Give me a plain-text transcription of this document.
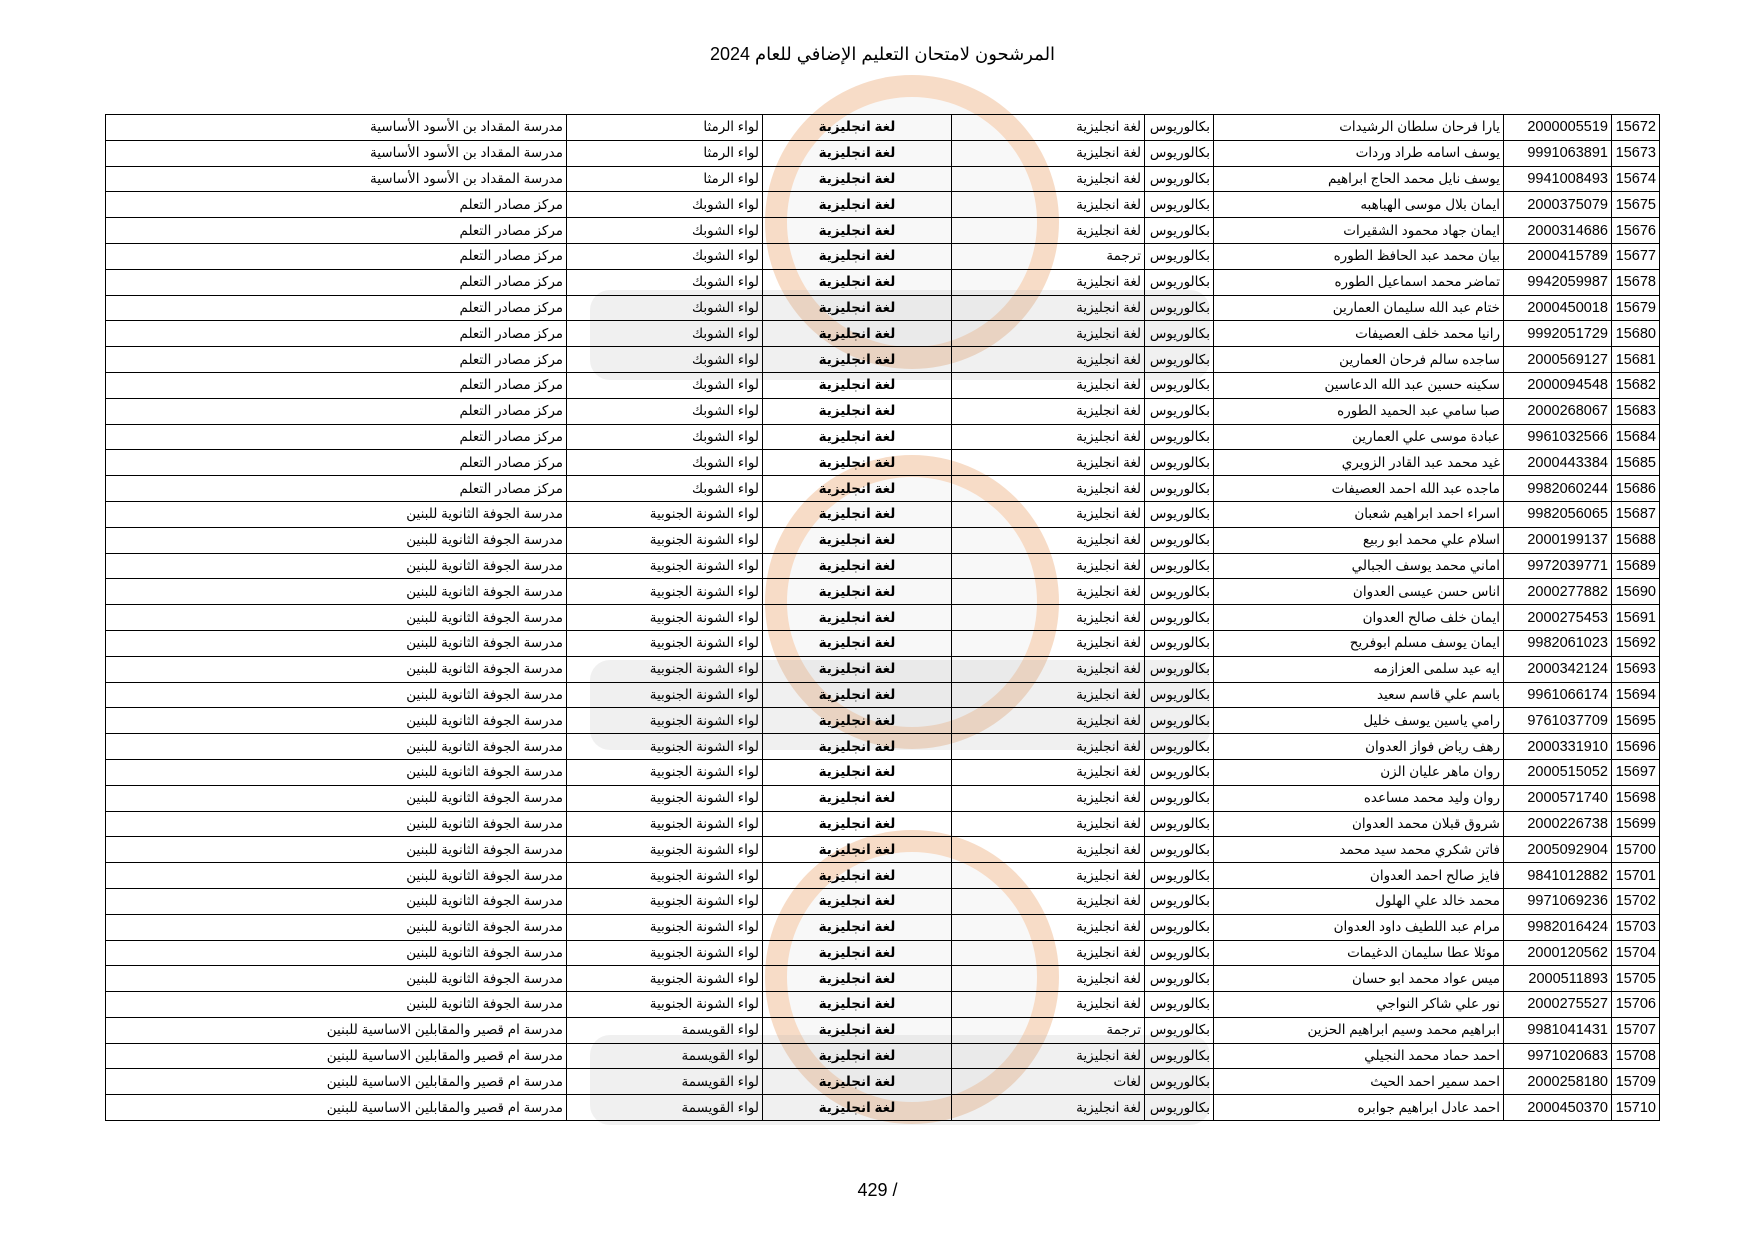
المرشحون لامتحان التعليم الإضافي للعام 2024
15672	2000005519	يارا فرحان سلطان الرشيدات	بكالوريوس	لغة انجليزية	لغة انجليزية	لواء الرمثا	مدرسة المقداد بن الأسود الأساسية
15673	9991063891	يوسف اسامه طراد وردات	بكالوريوس	لغة انجليزية	لغة انجليزية	لواء الرمثا	مدرسة المقداد بن الأسود الأساسية
15674	9941008493	يوسف نايل محمد الحاج ابراهيم	بكالوريوس	لغة انجليزية	لغة انجليزية	لواء الرمثا	مدرسة المقداد بن الأسود الأساسية
15675	2000375079	ايمان بلال موسى الهباهبه	بكالوريوس	لغة انجليزية	لغة انجليزية	لواء الشوبك	مركز مصادر التعلم
15676	2000314686	ايمان جهاد محمود الشقيرات	بكالوريوس	لغة انجليزية	لغة انجليزية	لواء الشوبك	مركز مصادر التعلم
15677	2000415789	بيان محمد عبد الحافظ الطوره	بكالوريوس	ترجمة	لغة انجليزية	لواء الشوبك	مركز مصادر التعلم
15678	9942059987	تماضر محمد اسماعيل الطوره	بكالوريوس	لغة انجليزية	لغة انجليزية	لواء الشوبك	مركز مصادر التعلم
15679	2000450018	ختام عبد الله سليمان العمارين	بكالوريوس	لغة انجليزية	لغة انجليزية	لواء الشوبك	مركز مصادر التعلم
15680	9992051729	رانيا محمد خلف العصيفات	بكالوريوس	لغة انجليزية	لغة انجليزية	لواء الشوبك	مركز مصادر التعلم
15681	2000569127	ساجده سالم فرحان العمارين	بكالوريوس	لغة انجليزية	لغة انجليزية	لواء الشوبك	مركز مصادر التعلم
15682	2000094548	سكينه حسين عبد الله الدعاسين	بكالوريوس	لغة انجليزية	لغة انجليزية	لواء الشوبك	مركز مصادر التعلم
15683	2000268067	صبا سامي عبد الحميد الطوره	بكالوريوس	لغة انجليزية	لغة انجليزية	لواء الشوبك	مركز مصادر التعلم
15684	9961032566	عبادة موسى علي العمارين	بكالوريوس	لغة انجليزية	لغة انجليزية	لواء الشوبك	مركز مصادر التعلم
15685	2000443384	غيد محمد عبد القادر الزويري	بكالوريوس	لغة انجليزية	لغة انجليزية	لواء الشوبك	مركز مصادر التعلم
15686	9982060244	ماجده عبد الله احمد العصيفات	بكالوريوس	لغة انجليزية	لغة انجليزية	لواء الشوبك	مركز مصادر التعلم
15687	9982056065	اسراء احمد ابراهيم شعبان	بكالوريوس	لغة انجليزية	لغة انجليزية	لواء الشونة الجنوبية	مدرسة الجوفة الثانوية للبنين
15688	2000199137	اسلام علي محمد ابو ربيع	بكالوريوس	لغة انجليزية	لغة انجليزية	لواء الشونة الجنوبية	مدرسة الجوفة الثانوية للبنين
15689	9972039771	اماني محمد يوسف الجبالي	بكالوريوس	لغة انجليزية	لغة انجليزية	لواء الشونة الجنوبية	مدرسة الجوفة الثانوية للبنين
15690	2000277882	اناس حسن عيسى العدوان	بكالوريوس	لغة انجليزية	لغة انجليزية	لواء الشونة الجنوبية	مدرسة الجوفة الثانوية للبنين
15691	2000275453	ايمان خلف صالح العدوان	بكالوريوس	لغة انجليزية	لغة انجليزية	لواء الشونة الجنوبية	مدرسة الجوفة الثانوية للبنين
15692	9982061023	ايمان يوسف مسلم ابوفريح	بكالوريوس	لغة انجليزية	لغة انجليزية	لواء الشونة الجنوبية	مدرسة الجوفة الثانوية للبنين
15693	2000342124	ايه عيد سلمى العزازمه	بكالوريوس	لغة انجليزية	لغة انجليزية	لواء الشونة الجنوبية	مدرسة الجوفة الثانوية للبنين
15694	9961066174	باسم علي قاسم سعيد	بكالوريوس	لغة انجليزية	لغة انجليزية	لواء الشونة الجنوبية	مدرسة الجوفة الثانوية للبنين
15695	9761037709	رامي ياسين يوسف خليل	بكالوريوس	لغة انجليزية	لغة انجليزية	لواء الشونة الجنوبية	مدرسة الجوفة الثانوية للبنين
15696	2000331910	رهف رياض فواز العدوان	بكالوريوس	لغة انجليزية	لغة انجليزية	لواء الشونة الجنوبية	مدرسة الجوفة الثانوية للبنين
15697	2000515052	روان ماهر عليان الزن	بكالوريوس	لغة انجليزية	لغة انجليزية	لواء الشونة الجنوبية	مدرسة الجوفة الثانوية للبنين
15698	2000571740	روان وليد محمد مساعده	بكالوريوس	لغة انجليزية	لغة انجليزية	لواء الشونة الجنوبية	مدرسة الجوفة الثانوية للبنين
15699	2000226738	شروق قبلان محمد العدوان	بكالوريوس	لغة انجليزية	لغة انجليزية	لواء الشونة الجنوبية	مدرسة الجوفة الثانوية للبنين
15700	2005092904	فاتن شكري محمد سيد محمد	بكالوريوس	لغة انجليزية	لغة انجليزية	لواء الشونة الجنوبية	مدرسة الجوفة الثانوية للبنين
15701	9841012882	فايز صالح احمد العدوان	بكالوريوس	لغة انجليزية	لغة انجليزية	لواء الشونة الجنوبية	مدرسة الجوفة الثانوية للبنين
15702	9971069236	محمد خالد علي الهلول	بكالوريوس	لغة انجليزية	لغة انجليزية	لواء الشونة الجنوبية	مدرسة الجوفة الثانوية للبنين
15703	9982016424	مرام عبد اللطيف داود العدوان	بكالوريوس	لغة انجليزية	لغة انجليزية	لواء الشونة الجنوبية	مدرسة الجوفة الثانوية للبنين
15704	2000120562	موئلا عطا سليمان الدغيمات	بكالوريوس	لغة انجليزية	لغة انجليزية	لواء الشونة الجنوبية	مدرسة الجوفة الثانوية للبنين
15705	2000511893	ميس عواد محمد ابو حسان	بكالوريوس	لغة انجليزية	لغة انجليزية	لواء الشونة الجنوبية	مدرسة الجوفة الثانوية للبنين
15706	2000275527	نور علي شاكر النواجي	بكالوريوس	لغة انجليزية	لغة انجليزية	لواء الشونة الجنوبية	مدرسة الجوفة الثانوية للبنين
15707	9981041431	ابراهيم محمد وسيم ابراهيم الحزين	بكالوريوس	ترجمة	لغة انجليزية	لواء القويسمة	مدرسة ام قصير والمقابلين الاساسية للبنين
15708	9971020683	احمد حماد محمد النجيلي	بكالوريوس	لغة انجليزية	لغة انجليزية	لواء القويسمة	مدرسة ام قصير والمقابلين الاساسية للبنين
15709	2000258180	احمد سمير احمد الحيث	بكالوريوس	لغات	لغة انجليزية	لواء القويسمة	مدرسة ام قصير والمقابلين الاساسية للبنين
15710	2000450370	احمد عادل ابراهيم جوابره	بكالوريوس	لغة انجليزية	لغة انجليزية	لواء القويسمة	مدرسة ام قصير والمقابلين الاساسية للبنين
429 /
